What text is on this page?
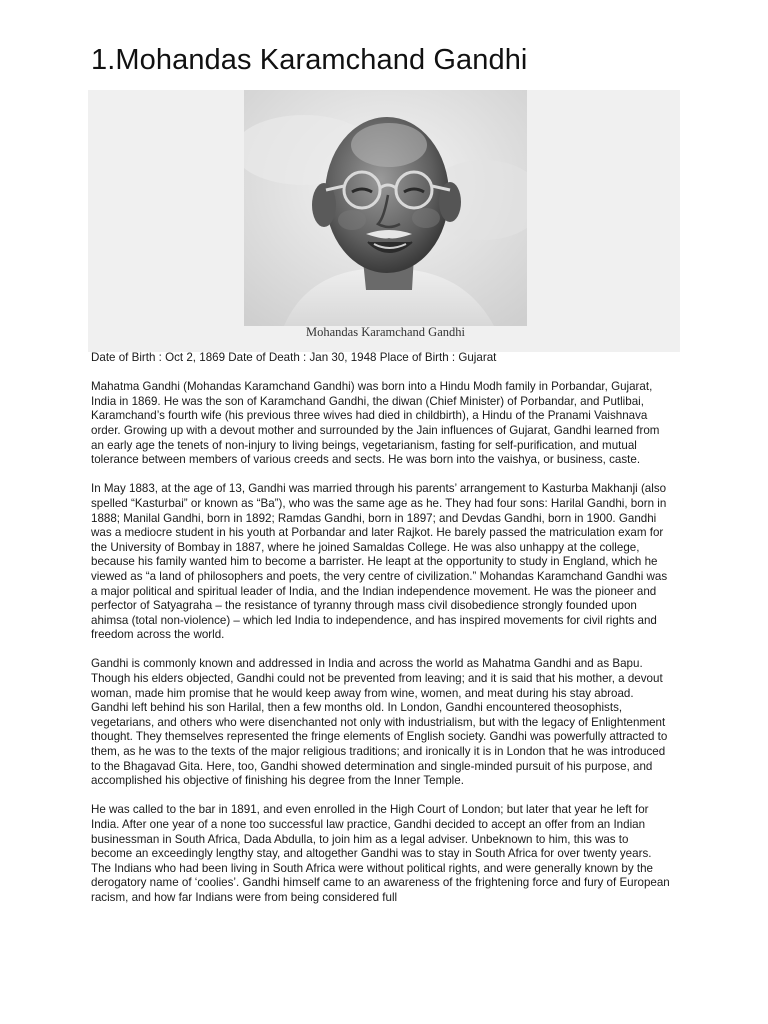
1.Mohandas Karamchand Gandhi
Mohandas Karamchand Gandhi

Date of Birth : Oct 2, 1869 Date of Death : Jan 30, 1948 Place of Birth : Gujarat

Mahatma Gandhi (Mohandas Karamchand Gandhi) was born into a Hindu Modh family in Porbandar, Gujarat, India in 1869. He was the son of Karamchand Gandhi, the diwan (Chief Minister) of Porbandar, and Putlibai, Karamchand’s fourth wife (his previous three wives had died in childbirth), a Hindu of the Pranami Vaishnava order. Growing up with a devout mother and surrounded by the Jain influences of Gujarat, Gandhi learned from an early age the tenets of non-injury to living beings, vegetarianism, fasting for self-purification, and mutual tolerance between members of various creeds and sects. He was born into the vaishya, or business, caste.

In May 1883, at the age of 13, Gandhi was married through his parents’ arrangement to Kasturba Makhanji (also spelled “Kasturbai” or known as “Ba”), who was the same age as he. They had four sons: Harilal Gandhi, born in 1888; Manilal Gandhi, born in 1892; Ramdas Gandhi, born in 1897; and Devdas Gandhi, born in 1900. Gandhi was a mediocre student in his youth at Porbandar and later Rajkot. He barely passed the matriculation exam for the University of Bombay in 1887, where he joined Samaldas College. He was also unhappy at the college, because his family wanted him to become a barrister. He leapt at the opportunity to study in England, which he viewed as “a land of philosophers and poets, the very centre of civilization.” Mohandas Karamchand Gandhi was a major political and spiritual leader of India, and the Indian independence movement. He was the pioneer and perfector of Satyagraha – the resistance of tyranny through mass civil disobedience strongly founded upon ahimsa (total non-violence) – which led India to independence, and has inspired movements for civil rights and freedom across the world.

Gandhi is commonly known and addressed in India and across the world as Mahatma Gandhi and as Bapu. Though his elders objected, Gandhi could not be prevented from leaving; and it is said that his mother, a devout woman, made him promise that he would keep away from wine, women, and meat during his stay abroad. Gandhi left behind his son Harilal, then a few months old. In London, Gandhi encountered theosophists, vegetarians, and others who were disenchanted not only with industrialism, but with the legacy of Enlightenment thought. They themselves represented the fringe elements of English society. Gandhi was powerfully attracted to them, as he was to the texts of the major religious traditions; and ironically it is in London that he was introduced to the Bhagavad Gita. Here, too, Gandhi showed determination and single-minded pursuit of his purpose, and accomplished his objective of finishing his degree from the Inner Temple.

He was called to the bar in 1891, and even enrolled in the High Court of London; but later that year he left for India. After one year of a none too successful law practice, Gandhi decided to accept an offer from an Indian businessman in South Africa, Dada Abdulla, to join him as a legal adviser. Unbeknown to him, this was to become an exceedingly lengthy stay, and altogether Gandhi was to stay in South Africa for over twenty years. The Indians who had been living in South Africa were without political rights, and were generally known by the derogatory name of ‘coolies’. Gandhi himself came to an awareness of the frightening force and fury of European racism, and how far Indians were from being considered full
